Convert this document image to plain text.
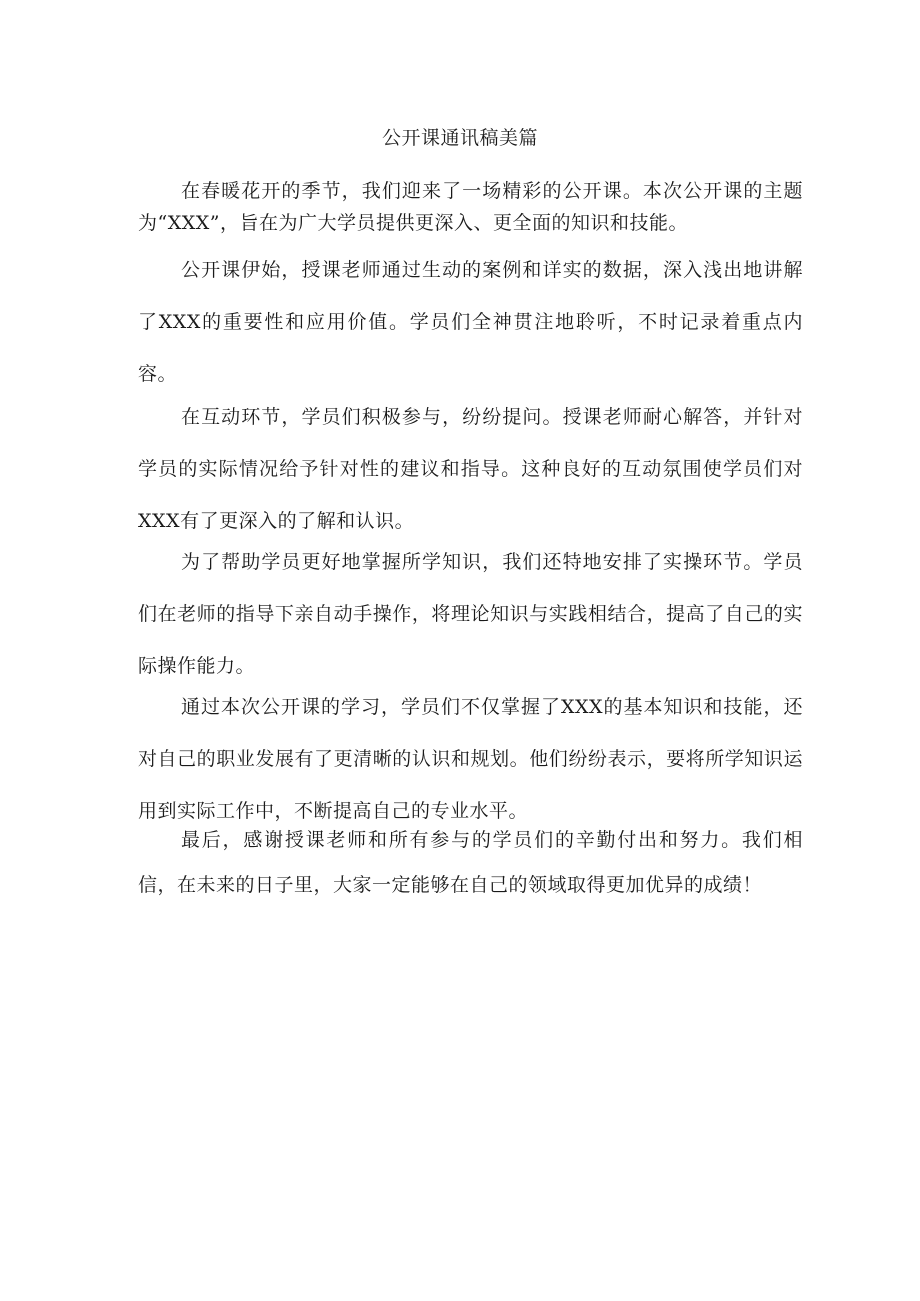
公开课通讯稿美篇

在春暖花开的季节，我们迎来了一场精彩的公开课。本次公开课的主题为“XXX”，旨在为广大学员提供更深入、更全面的知识和技能。

公开课伊始，授课老师通过生动的案例和详实的数据，深入浅出地讲解了XXX的重要性和应用价值。学员们全神贯注地聆听，不时记录着重点内容。

在互动环节，学员们积极参与，纷纷提问。授课老师耐心解答，并针对学员的实际情况给予针对性的建议和指导。这种良好的互动氛围使学员们对XXX有了更深入的了解和认识。

为了帮助学员更好地掌握所学知识，我们还特地安排了实操环节。学员们在老师的指导下亲自动手操作，将理论知识与实践相结合，提高了自己的实际操作能力。

通过本次公开课的学习，学员们不仅掌握了XXX的基本知识和技能，还对自己的职业发展有了更清晰的认识和规划。他们纷纷表示，要将所学知识运用到实际工作中，不断提高自己的专业水平。

最后，感谢授课老师和所有参与的学员们的辛勤付出和努力。我们相信，在未来的日子里，大家一定能够在自己的领域取得更加优异的成绩！
